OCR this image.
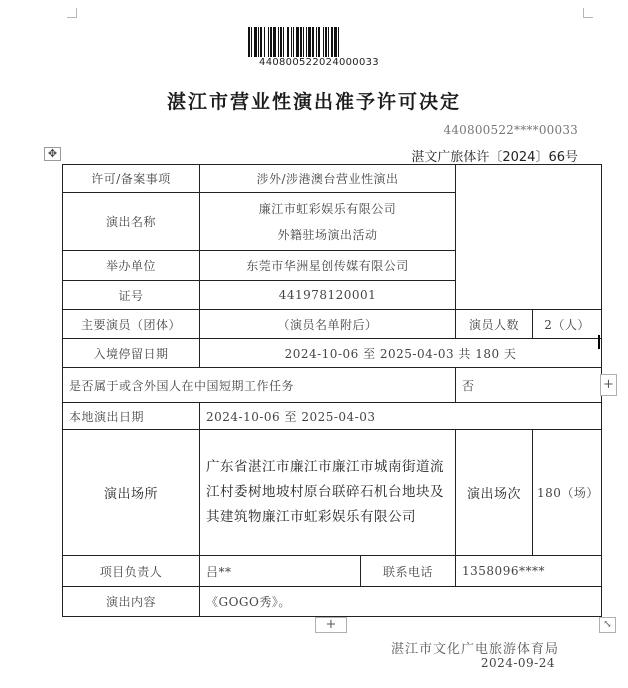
440800522024000033
湛江市营业性演出准予许可决定
440800522****00033
湛文广旅体许〔2024〕66号
✥
许可/备案事项	涉外/涉港澳台营业性演出			
演出名称	廉江市虹彩娱乐有限公司
外籍驻场演出活动			

举办单位	东莞市华洲星创传媒有限公司			
证号	441978120001			
主要演员（团体）	（演员名单附后）		演员人数	2（人）
入境停留日期	2024-10-06 至 2025-04-03 共 180 天			
是否属于或含外国人在中国短期工作任务			否	
本地演出日期	2024-10-06 至 2025-04-03			
演出场所	广东省湛江市廉江市廉江市城南街道流江村委树地坡村原台联碎石机台地块及其建筑物廉江市虹彩娱乐有限公司		演出场次	180（场）
项目负责人	吕**	联系电话	1358096****	
演出内容	《GOGO秀》。			
+
+	⤡
湛江市文化广电旅游体育局
2024-09-24
